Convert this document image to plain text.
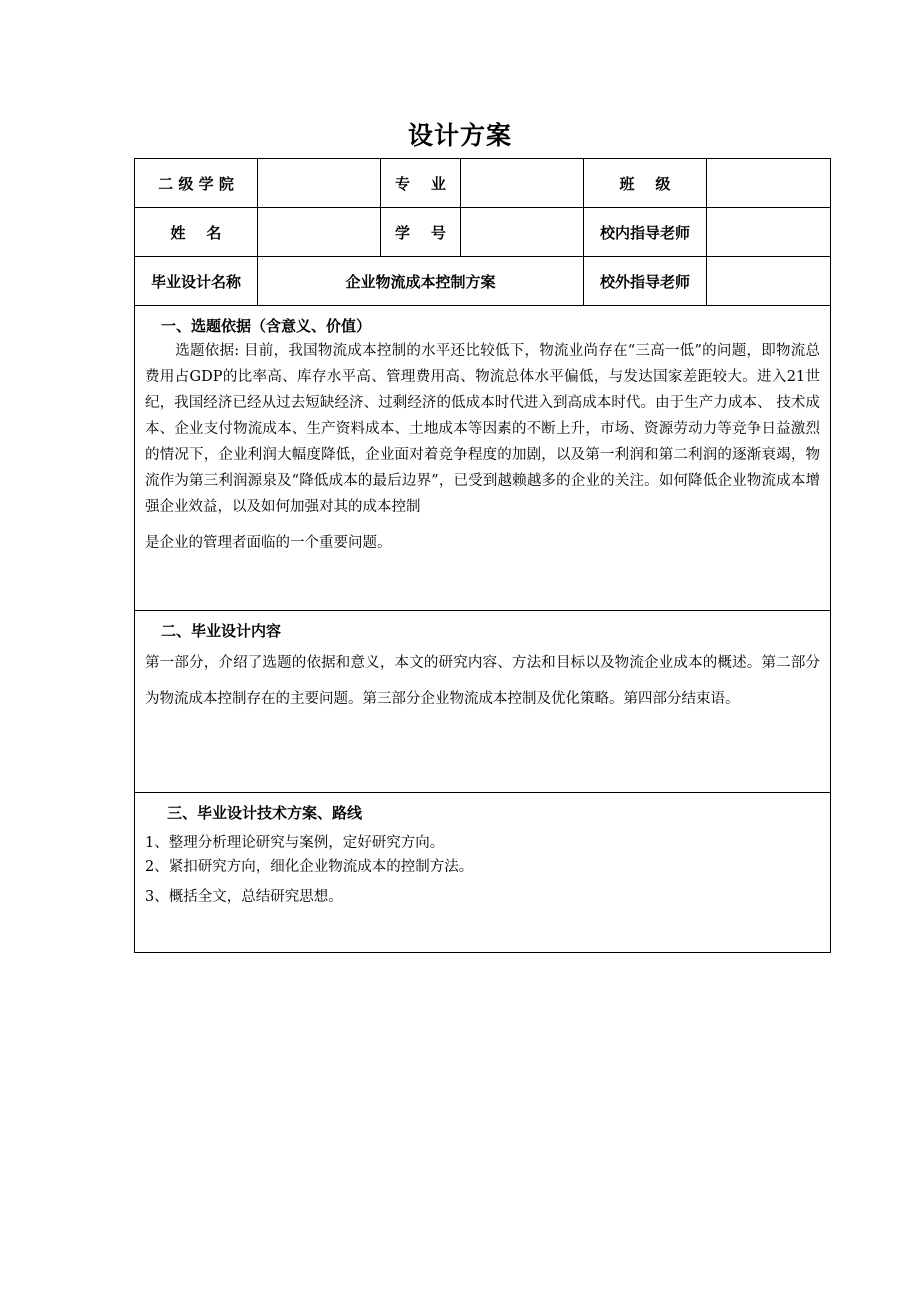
设计方案
二 级 学 院		专    业		班    级	
姓    名		学    号		校内指导老师	
毕业设计名称	企业物流成本控制方案			校外指导老师	

一、选题依据（含意义、价值）
选题依据: 目前，我国物流成本控制的水平还比较低下，物流业尚存在“三高一低”的问题，即物流总费用占GDP的比率高、库存水平高、管理费用高、物流总体水平偏低，与发达国家差距较大。进入21世纪，我国经济已经从过去短缺经济、过剩经济的低成本时代进入到高成本时代。由于生产力成本、 技术成本、企业支付物流成本、生产资料成本、土地成本等因素的不断上升，市场、资源劳动力等竞争日益激烈的情况下，企业利润大幅度降低，企业面对着竞争程度的加剧，以及第一利润和第二利润的逐渐衰竭，物流作为第三利润源泉及“降低成本的最后边界”，已受到越赖越多的企业的关注。如何降低企业物流成本增强企业效益，以及如何加强对其的成本控制
是企业的管理者面临的一个重要问题。					

二、毕业设计内容
第一部分，介绍了选题的依据和意义，本文的研究内容、方法和目标以及物流企业成本的概述。第二部分为物流成本控制存在的主要问题。第三部分企业物流成本控制及优化策略。第四部分结束语。					

三、毕业设计技术方案、路线

1、整理分析理论研究与案例，定好研究方向。

2、紧扣研究方向，细化企业物流成本的控制方法。

3、概括全文，总结研究思想。					
